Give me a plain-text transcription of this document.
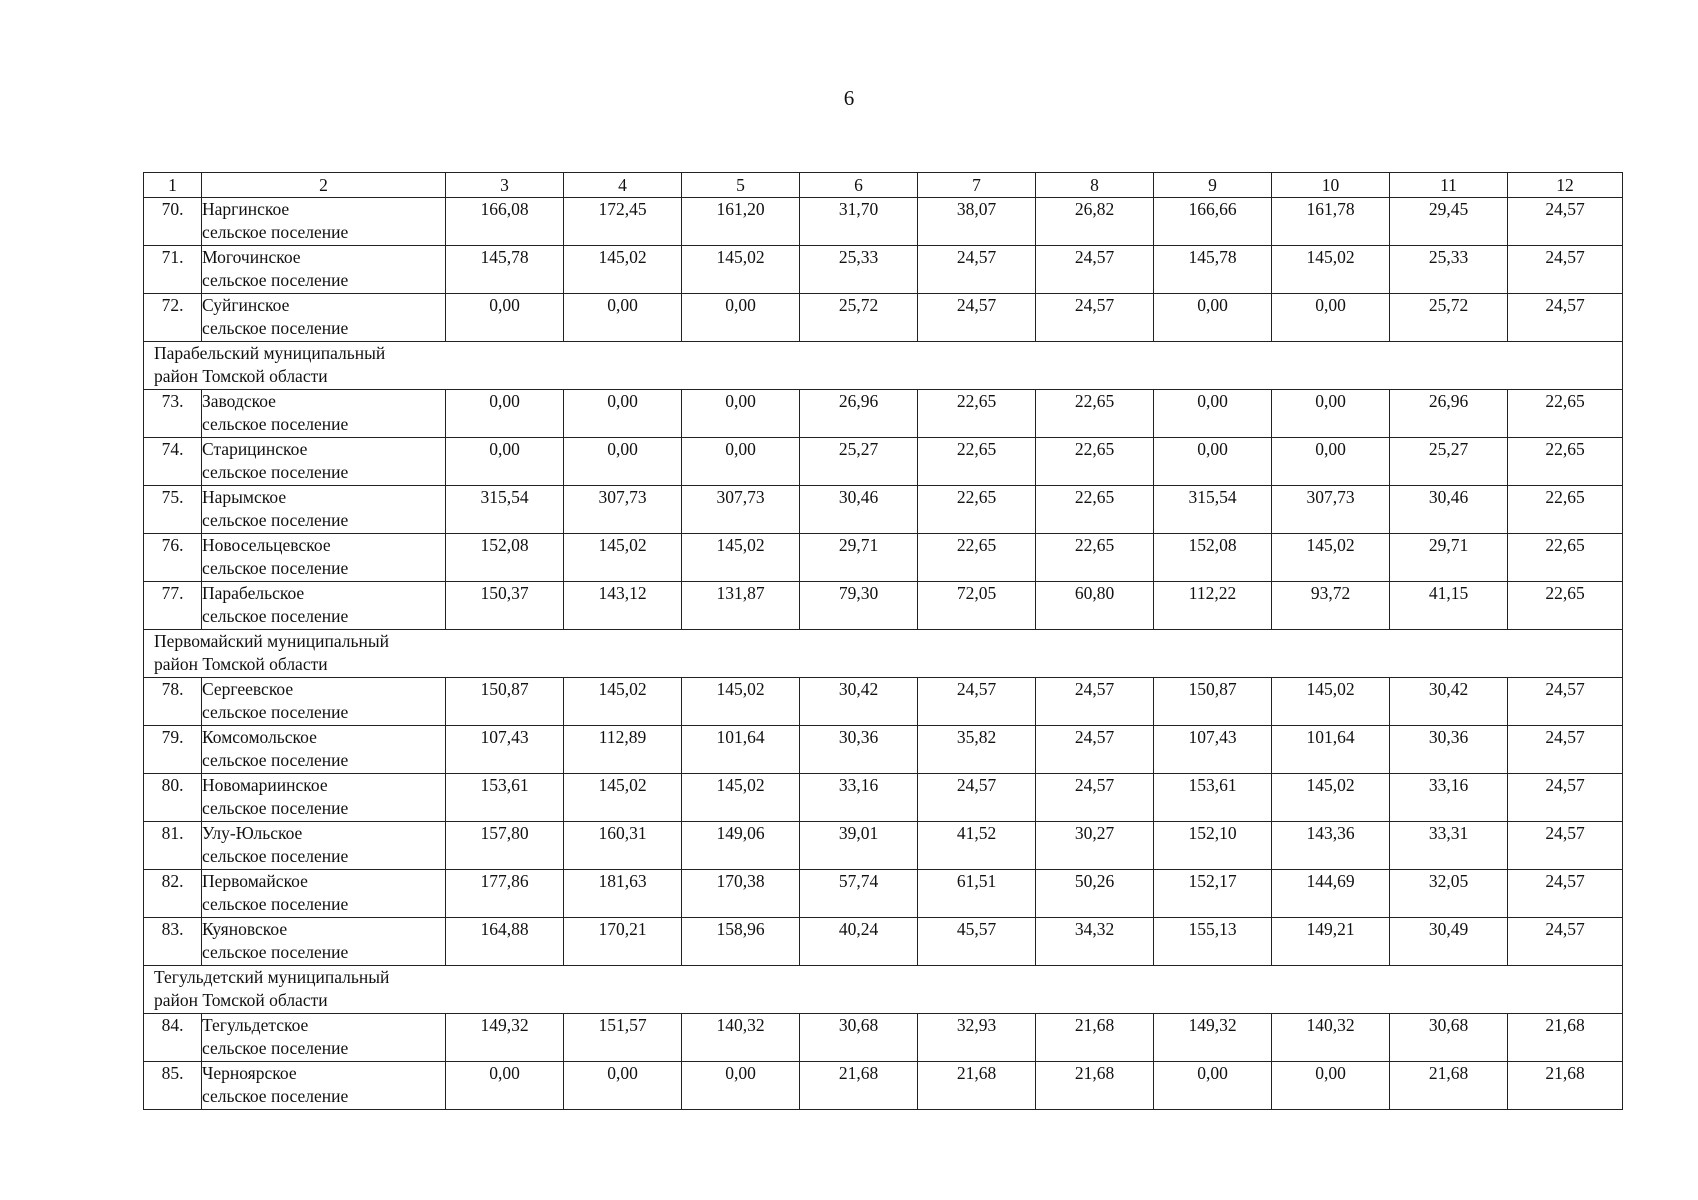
6
1	2	3	4	5	6	7	8	9	10	11	12
70.	Наргинское
сельское поселение	166,08	172,45	161,20	31,70	38,07	26,82	166,66	161,78	29,45	24,57
71.	Могочинское
сельское поселение	145,78	145,02	145,02	25,33	24,57	24,57	145,78	145,02	25,33	24,57
72.	Суйгинское
сельское поселение	0,00	0,00	0,00	25,72	24,57	24,57	0,00	0,00	25,72	24,57

Парабельский муниципальный
район Томской области											

73.	Заводское
сельское поселение	0,00	0,00	0,00	26,96	22,65	22,65	0,00	0,00	26,96	22,65
74.	Старицинское
сельское поселение	0,00	0,00	0,00	25,27	22,65	22,65	0,00	0,00	25,27	22,65
75.	Нарымское
сельское поселение	315,54	307,73	307,73	30,46	22,65	22,65	315,54	307,73	30,46	22,65
76.	Новосельцевское
сельское поселение	152,08	145,02	145,02	29,71	22,65	22,65	152,08	145,02	29,71	22,65
77.	Парабельское
сельское поселение	150,37	143,12	131,87	79,30	72,05	60,80	112,22	93,72	41,15	22,65

Первомайский муниципальный
район Томской области											

78.	Сергеевское
сельское поселение	150,87	145,02	145,02	30,42	24,57	24,57	150,87	145,02	30,42	24,57
79.	Комсомольское
сельское поселение	107,43	112,89	101,64	30,36	35,82	24,57	107,43	101,64	30,36	24,57
80.	Новомариинское
сельское поселение	153,61	145,02	145,02	33,16	24,57	24,57	153,61	145,02	33,16	24,57
81.	Улу-Юльское
сельское поселение	157,80	160,31	149,06	39,01	41,52	30,27	152,10	143,36	33,31	24,57
82.	Первомайское
сельское поселение	177,86	181,63	170,38	57,74	61,51	50,26	152,17	144,69	32,05	24,57
83.	Куяновское
сельское поселение	164,88	170,21	158,96	40,24	45,57	34,32	155,13	149,21	30,49	24,57

Тегульдетский муниципальный
район Томской области											

84.	Тегульдетское
сельское поселение	149,32	151,57	140,32	30,68	32,93	21,68	149,32	140,32	30,68	21,68
85.	Черноярское
сельское поселение	0,00	0,00	0,00	21,68	21,68	21,68	0,00	0,00	21,68	21,68
